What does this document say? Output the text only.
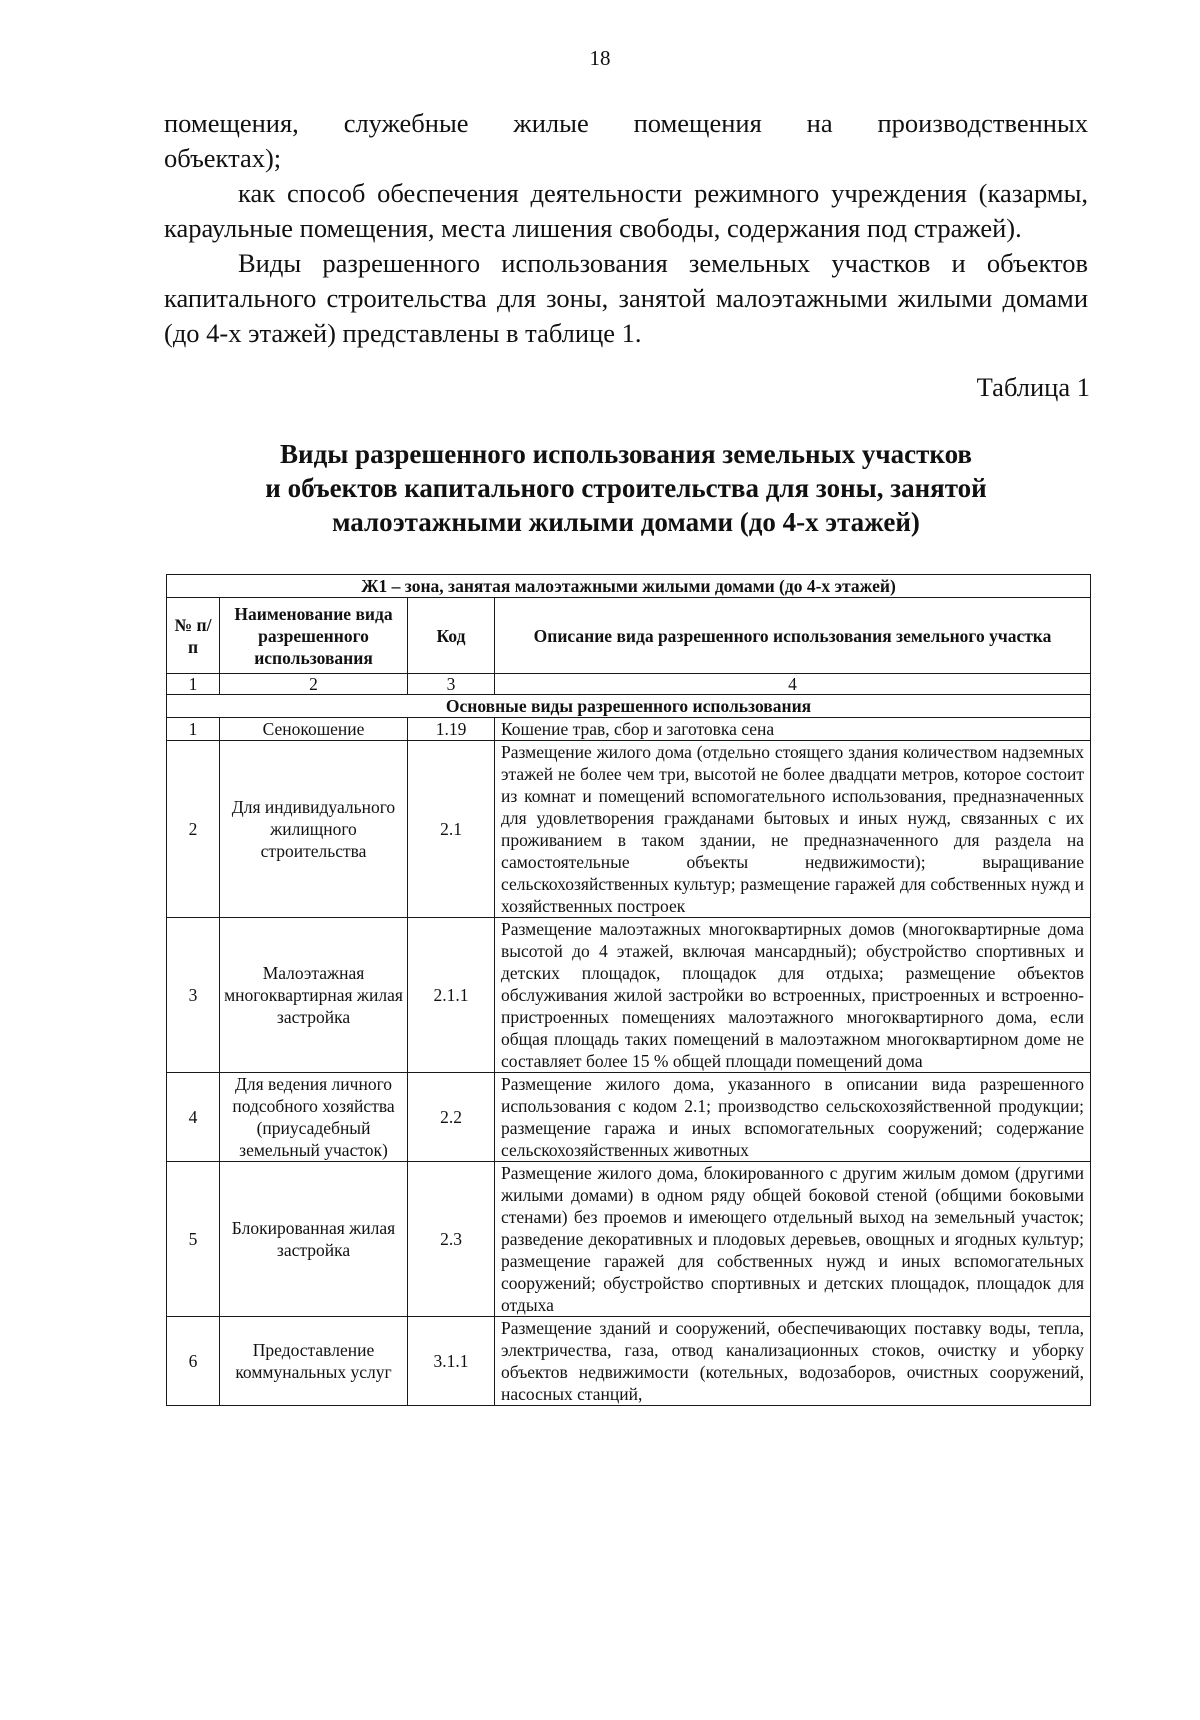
18

помещения, служебные жилые помещения на производственных

объектах);

как способ обеспечения деятельности режимного учреждения (казармы, караульные помещения, места лишения свободы, содержания под стражей).

Виды разрешенного использования земельных участков и объектов капитального строительства для зоны, занятой малоэтажными жилыми домами (до 4-х этажей) представлены в таблице 1.

Таблица 1
Виды разрешенного использования земельных участков
и объектов капитального строительства для зоны, занятой
малоэтажными жилыми домами (до 4-х этажей)
Ж1 – зона, занятая малоэтажными жилыми домами (до 4-х этажей)			
№ п/п	Наименование вида разрешенного использования	Код	Описание вида разрешенного использования земельного участка
1	2	3	4
Основные виды разрешенного использования			
1	Сенокошение	1.19	Кошение трав, сбор и заготовка сена
2	Для индивидуального жилищного строительства	2.1	Размещение жилого дома (отдельно стоящего здания количеством надземных этажей не более чем три, высотой не более двадцати метров, которое состоит из комнат и помещений вспомогательного использования, предназначенных для удовлетворения гражданами бытовых и иных нужд, связанных с их проживанием в таком здании, не предназначенного для раздела на самостоятельные объекты недвижимости); выращивание сельскохозяйственных культур; размещение гаражей для собственных нужд и хозяйственных построек
3	Малоэтажная многоквартирная жилая застройка	2.1.1	Размещение малоэтажных многоквартирных домов (многоквартирные дома высотой до 4 этажей, включая мансардный); обустройство спортивных и детских площадок, площадок для отдыха; размещение объектов обслуживания жилой застройки во встроенных, пристроенных и встроенно-пристроенных помещениях малоэтажного многоквартирного дома, если общая площадь таких помещений в малоэтажном многоквартирном доме не составляет более 15 % общей площади помещений дома
4	Для ведения личного подсобного хозяйства (приусадебный земельный участок)	2.2	Размещение жилого дома, указанного в описании вида разрешенного использования с кодом 2.1; производство сельскохозяйственной продукции; размещение гаража и иных вспомогательных сооружений; содержание сельскохозяйственных животных
5	Блокированная жилая застройка	2.3	Размещение жилого дома, блокированного с другим жилым домом (другими жилыми домами) в одном ряду общей боковой стеной (общими боковыми стенами) без проемов и имеющего отдельный выход на земельный участок; разведение декоративных и плодовых деревьев, овощных и ягодных культур; размещение гаражей для собственных нужд и иных вспомогательных сооружений; обустройство спортивных и детских площадок, площадок для отдыха
6	Предоставление коммунальных услуг	3.1.1	Размещение зданий и сооружений, обеспечивающих поставку воды, тепла, электричества, газа, отвод канализационных стоков, очистку и уборку объектов недвижимости (котельных, водозаборов, очистных сооружений, насосных станций,
